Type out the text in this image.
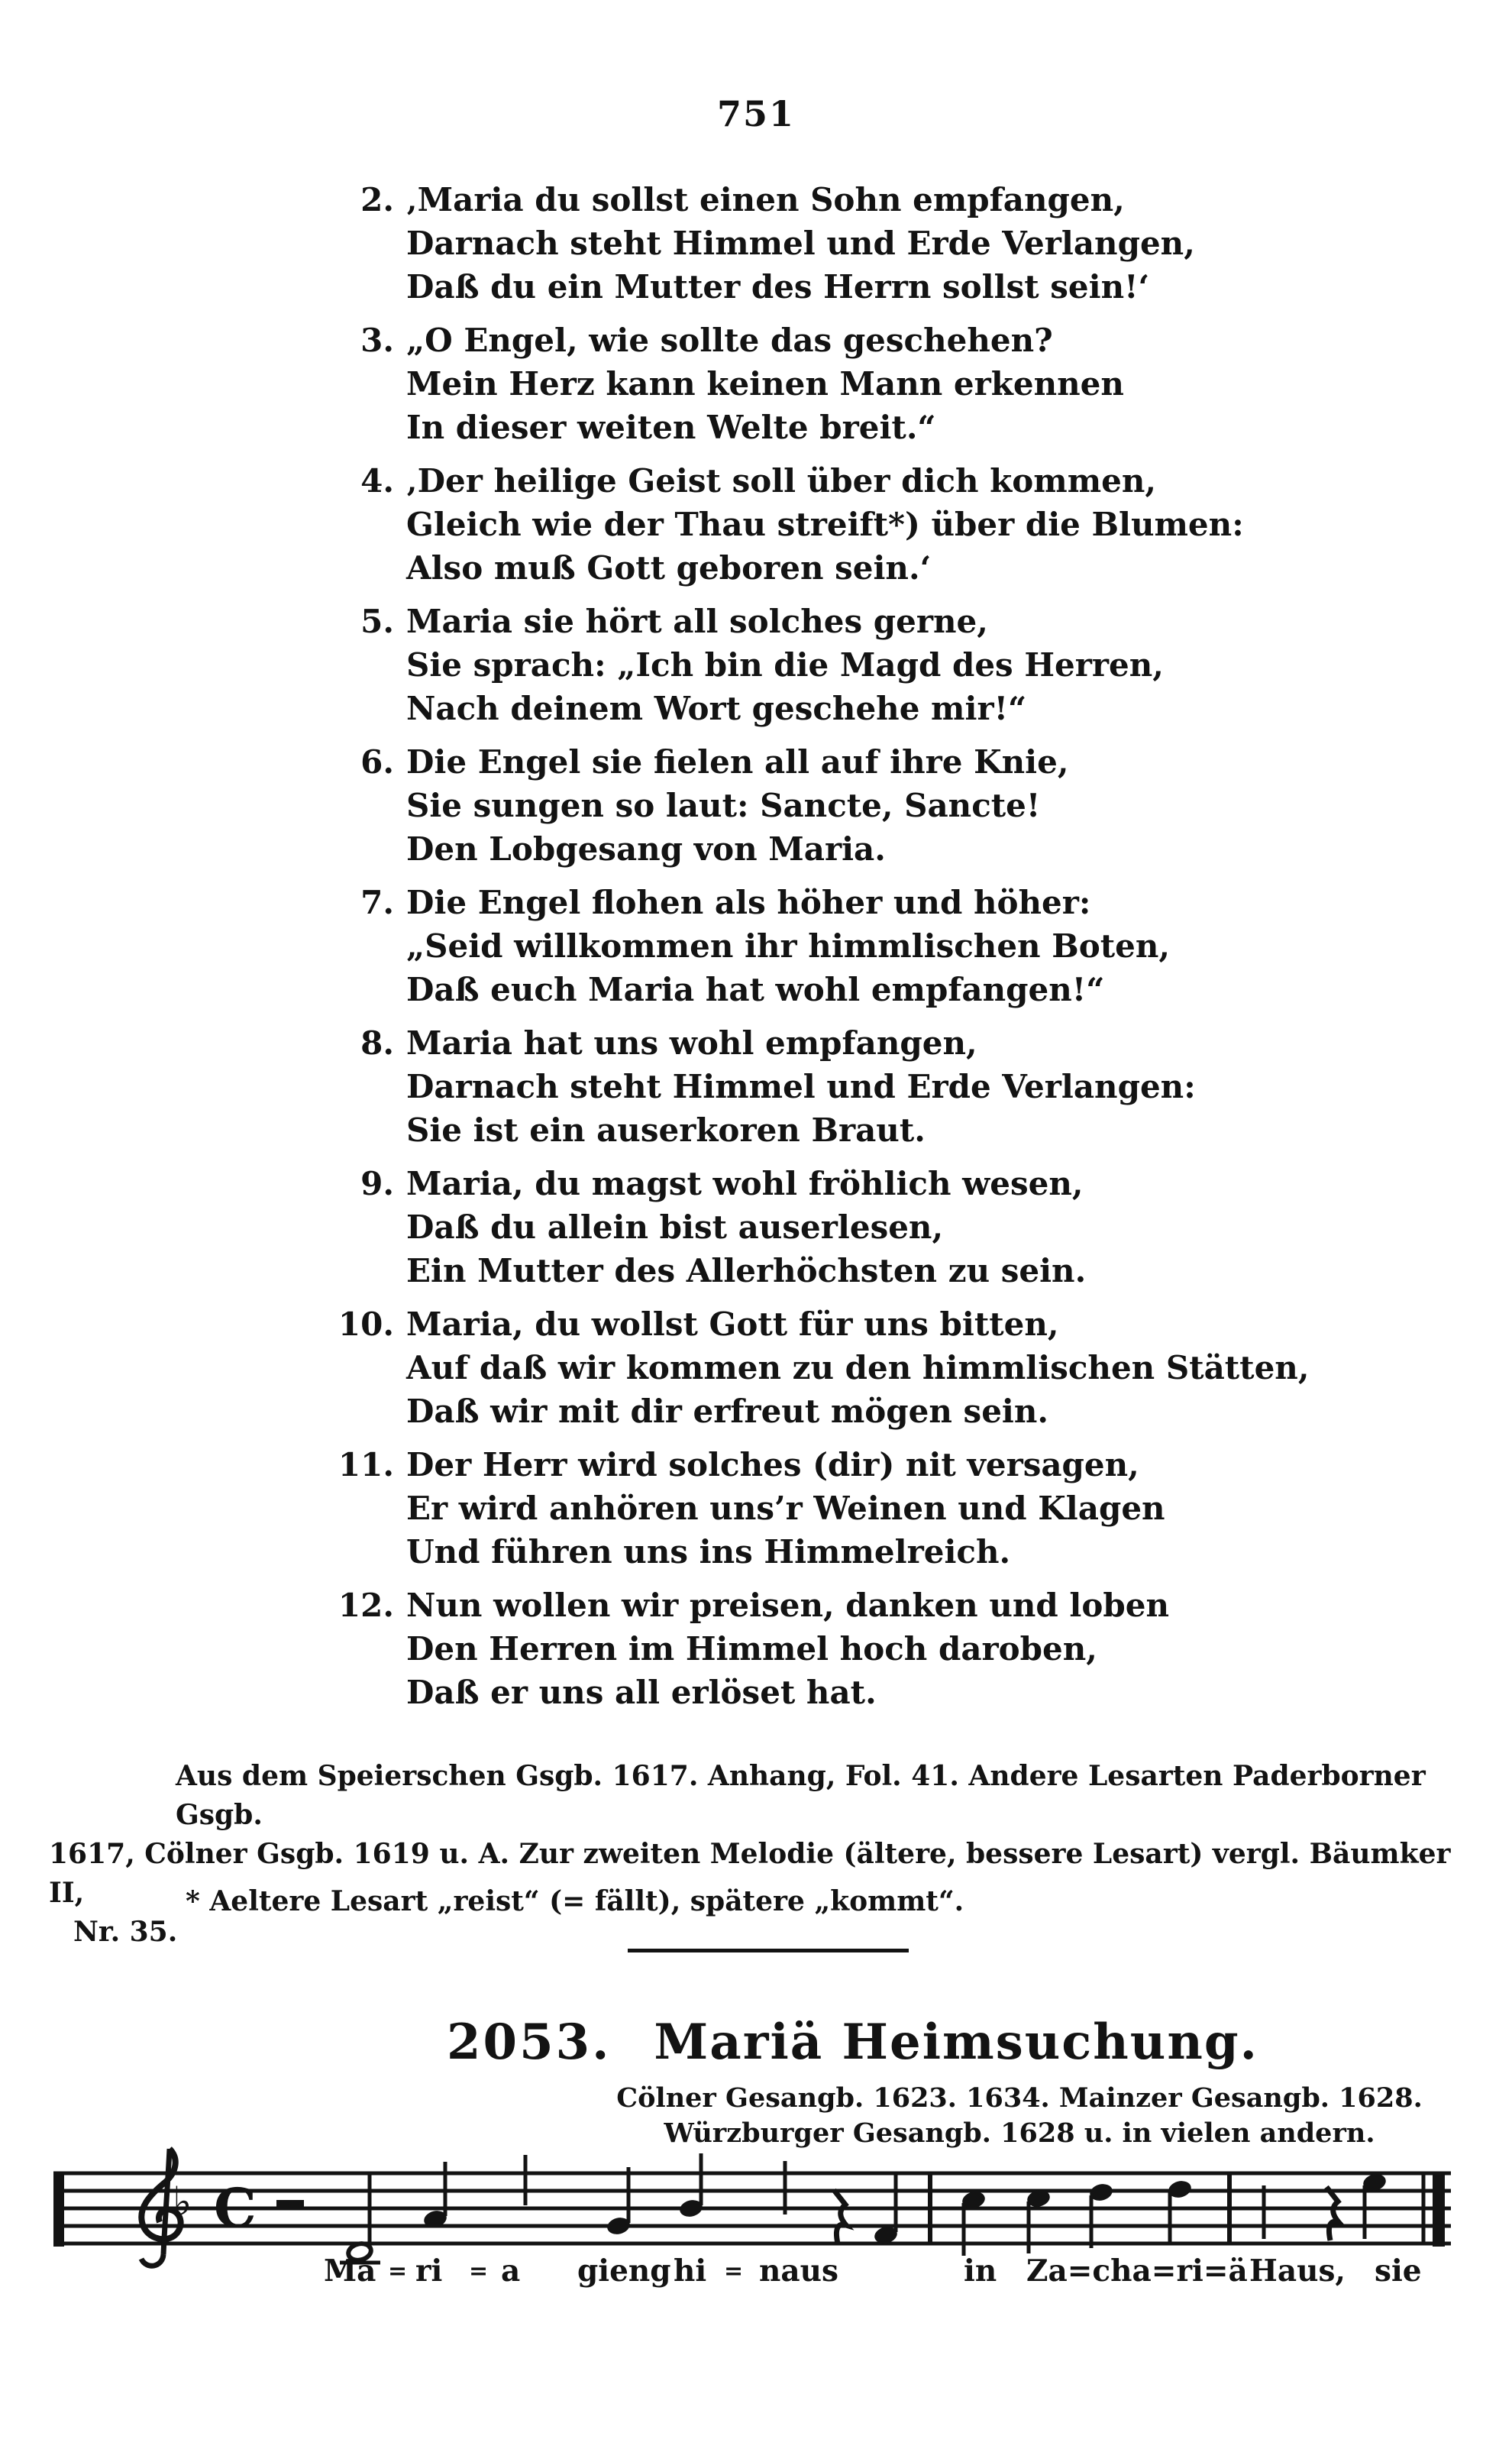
751
2. ‚Maria du sollst einen Sohn empfangen,
Darnach steht Himmel und Erde Verlangen,
Daß du ein Mutter des Herrn sollst sein!‘
3. „O Engel, wie sollte das geschehen?
Mein Herz kann keinen Mann erkennen
In dieser weiten Welte breit.“
4. ‚Der heilige Geist soll über dich kommen,
Gleich wie der Thau streift*) über die Blumen:
Also muß Gott geboren sein.‘
5. Maria sie hört all solches gerne,
Sie sprach: „Ich bin die Magd des Herren,
Nach deinem Wort geschehe mir!“
6. Die Engel sie fielen all auf ihre Knie,
Sie sungen so laut: Sancte, Sancte!
Den Lobgesang von Maria.
7. Die Engel flohen als höher und höher:
„Seid willkommen ihr himmlischen Boten,
Daß euch Maria hat wohl empfangen!“
8. Maria hat uns wohl empfangen,
Darnach steht Himmel und Erde Verlangen:
Sie ist ein auserkoren Braut.
9. Maria, du magst wohl fröhlich wesen,
Daß du allein bist auserlesen,
Ein Mutter des Allerhöchsten zu sein.
10. Maria, du wollst Gott für uns bitten,
Auf daß wir kommen zu den himmlischen Stätten,
Daß wir mit dir erfreut mögen sein.
11. Der Herr wird solches (dir) nit versagen,
Er wird anhören uns’r Weinen und Klagen
Und führen uns ins Himmelreich.
12. Nun wollen wir preisen, danken und loben
Den Herren im Himmel hoch daroben,
Daß er uns all erlöset hat.
Aus dem Speierschen Gsgb. 1617. Anhang, Fol. 41. Andere Lesarten Paderborner Gsgb.
1617, Cölner Gsgb. 1619 u. A. Zur zweiten Melodie (ältere, bessere Lesart) vergl. Bäumker II,
Nr. 35.
* Aeltere Lesart „reist“ (= fällt), spätere „kommt“.
2053. Mariä Heimsuchung.
Cölner Gesangb. 1623. 1634. Mainzer Gesangb. 1628.
Würzburger Gesangb. 1628 u. in vielen andern.
♭ C
Ma = ri = a gieng hi = naus	in Za=cha=ri=ä Haus, sie
